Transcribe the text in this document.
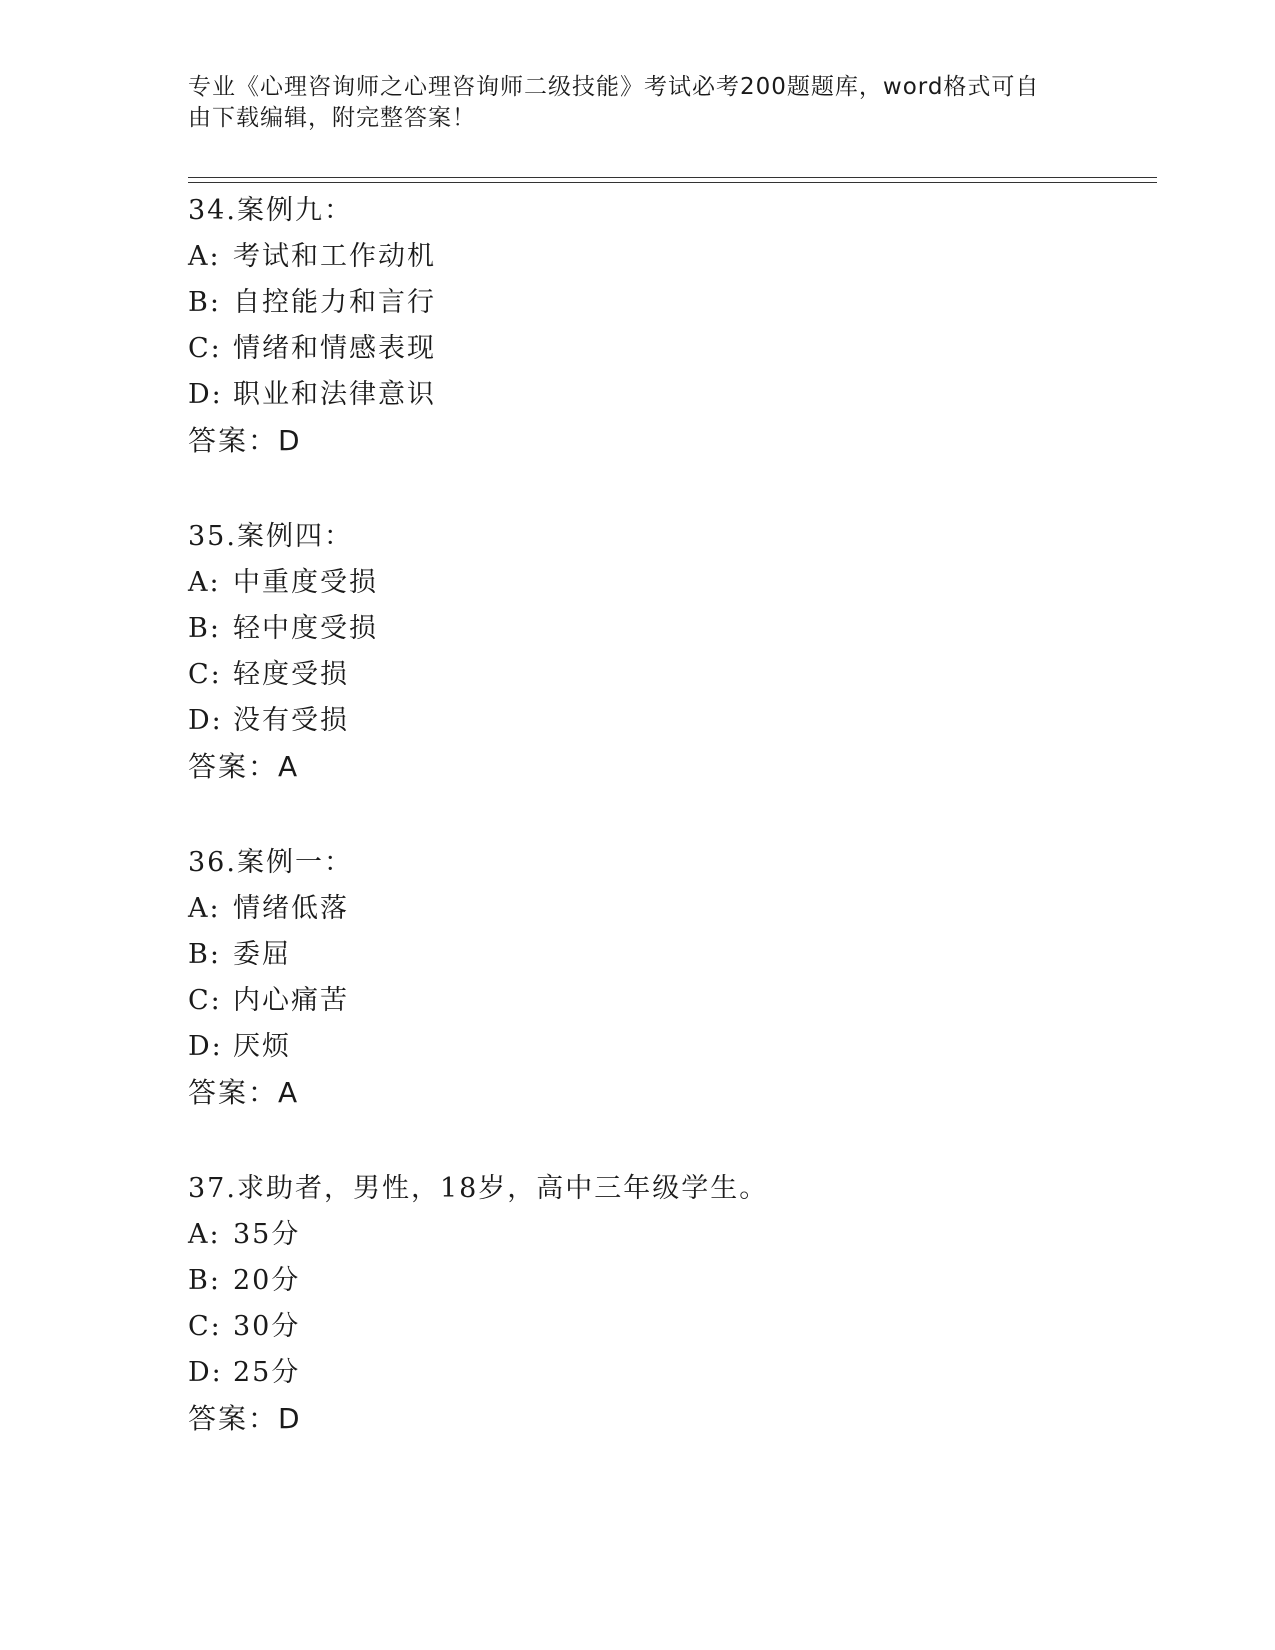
专业《心理咨询师之心理咨询师二级技能》考试必考200题题库，word格式可自
由下载编辑，附完整答案！
34.案例九：
A: 考试和工作动机
B: 自控能力和言行
C: 情绪和情感表现
D: 职业和法律意识
答案：D
35.案例四：
A: 中重度受损
B: 轻中度受损
C: 轻度受损
D: 没有受损
答案：A
36.案例一：
A: 情绪低落
B: 委屈
C: 内心痛苦
D: 厌烦
答案：A
37.求助者，男性，18岁，高中三年级学生。
A: 35分
B: 20分
C: 30分
D: 25分
答案：D
